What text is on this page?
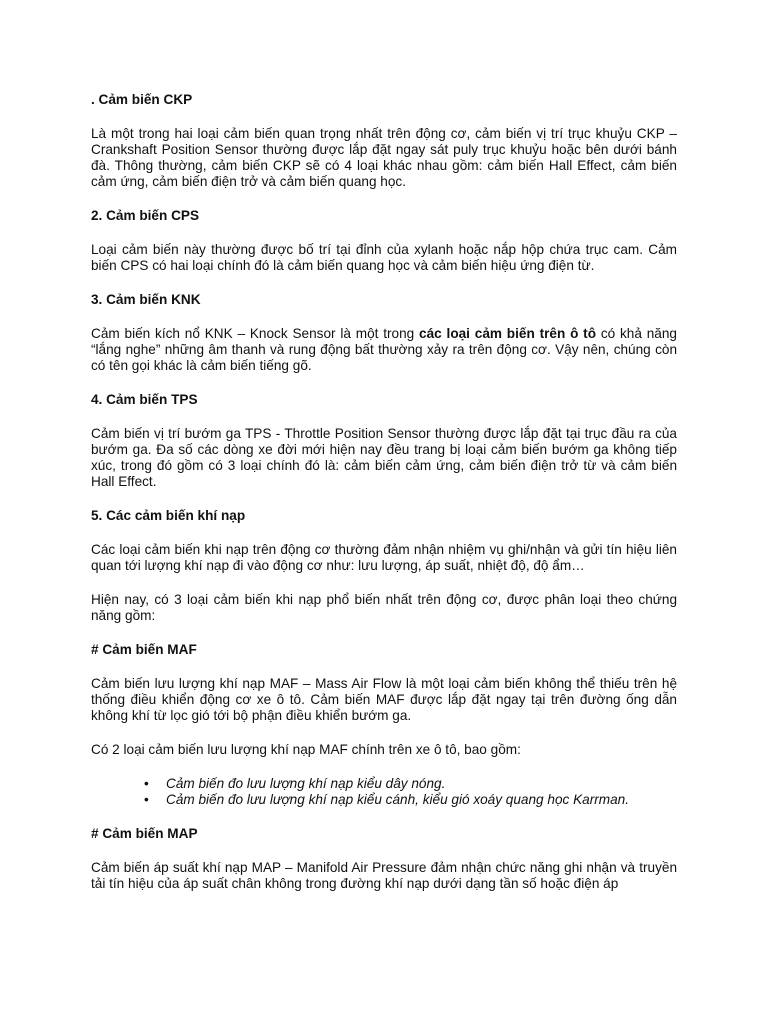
. Cảm biến CKP
Là một trong hai loại cảm biến quan trọng nhất trên động cơ, cảm biến vị trí trục khuỷu CKP – Crankshaft Position Sensor thường được lắp đặt ngay sát puly trục khuỷu hoặc bên dưới bánh đà. Thông thường, cảm biến CKP sẽ có 4 loại khác nhau gồm: cảm biến Hall Effect, cảm biến cảm ứng, cảm biến điện trở và cảm biến quang học.
2. Cảm biến CPS
Loại cảm biến này thường được bố trí tại đỉnh của xylanh hoặc nắp hộp chứa trục cam. Cảm biến CPS có hai loại chính đó là cảm biến quang học và cảm biến hiệu ứng điện từ.
3. Cảm biến KNK
Cảm biến kích nổ KNK – Knock Sensor là một trong các loại cảm biến trên ô tô có khả năng “lắng nghe” những âm thanh và rung động bất thường xảy ra trên động cơ. Vậy nên, chúng còn có tên gọi khác là cảm biến tiếng gõ.
4. Cảm biến TPS
Cảm biến vị trí bướm ga TPS - Throttle Position Sensor thường được lắp đặt tại trục đầu ra của bướm ga. Đa số các dòng xe đời mới hiện nay đều trang bị loại cảm biến bướm ga không tiếp xúc, trong đó gồm có 3 loại chính đó là: cảm biến cảm ứng, cảm biến điện trở từ và cảm biến Hall Effect.
5. Các cảm biến khí nạp
Các loại cảm biến khi nạp trên động cơ thường đảm nhận nhiệm vụ ghi/nhận và gửi tín hiệu liên quan tới lượng khí nạp đi vào động cơ như: lưu lượng, áp suất, nhiệt độ, độ ẩm…
Hiện nay, có 3 loại cảm biến khi nạp phổ biến nhất trên động cơ, được phân loại theo chứng năng gồm:
# Cảm biến MAF
Cảm biến lưu lượng khí nạp MAF – Mass Air Flow là một loại cảm biến không thể thiếu trên hệ thống điều khiển động cơ xe ô tô. Cảm biến MAF được lắp đặt ngay tại trên đường ống dẫn không khí từ lọc gió tới bộ phận điều khiển bướm ga.
Có 2 loại cảm biến lưu lượng khí nạp MAF chính trên xe ô tô, bao gồm:
• Cảm biến đo lưu lượng khí nạp kiểu dây nóng.
• Cảm biến đo lưu lượng khí nạp kiểu cánh, kiểu gió xoáy quang học Karrman.
# Cảm biến MAP
Cảm biến áp suất khí nạp MAP – Manifold Air Pressure đảm nhận chức năng ghi nhận và truyền tải tín hiệu của áp suất chân không trong đường khí nạp dưới dạng tần số hoặc điện áp
